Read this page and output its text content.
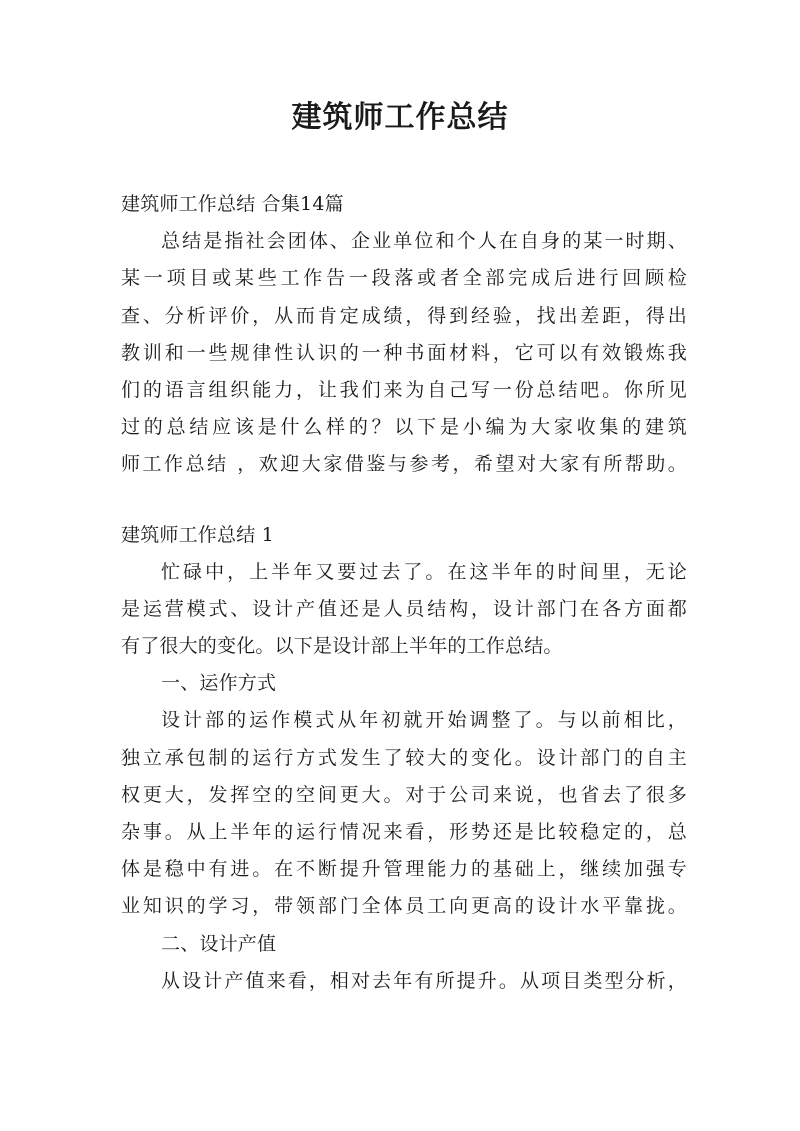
建筑师工作总结
建筑师工作总结 合集14篇
总结是指社会团体、企业单位和个人在自身的某一时期、
某一项目或某些工作告一段落或者全部完成后进行回顾检
查、分析评价，从而肯定成绩，得到经验，找出差距，得出
教训和一些规律性认识的一种书面材料，它可以有效锻炼我
们的语言组织能力，让我们来为自己写一份总结吧。你所见
过的总结应该是什么样的？以下是小编为大家收集的建筑
师工作总结 ，欢迎大家借鉴与参考，希望对大家有所帮助。
建筑师工作总结 1
忙碌中，上半年又要过去了。在这半年的时间里，无论
是运营模式、设计产值还是人员结构，设计部门在各方面都
有了很大的变化。以下是设计部上半年的工作总结。
一、运作方式
设计部的运作模式从年初就开始调整了。与以前相比，
独立承包制的运行方式发生了较大的变化。设计部门的自主
权更大，发挥空的空间更大。对于公司来说，也省去了很多
杂事。从上半年的运行情况来看，形势还是比较稳定的，总
体是稳中有进。在不断提升管理能力的基础上，继续加强专
业知识的学习，带领部门全体员工向更高的设计水平靠拢。
二、设计产值
从设计产值来看，相对去年有所提升。从项目类型分析，
